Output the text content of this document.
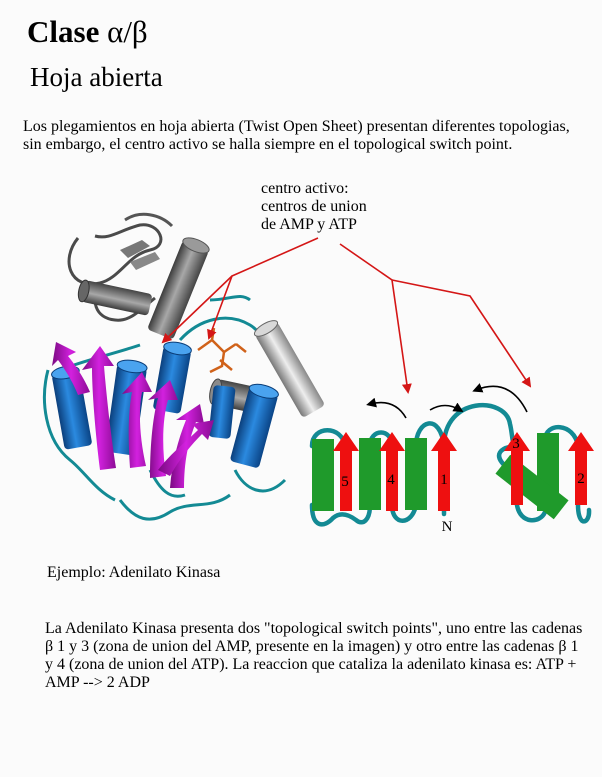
Clase α/β
Hoja abierta
Los plegamientos en hoja abierta (Twist Open Sheet) presentan diferentes topologias, sin embargo, el centro activo se halla siempre en el topological switch point.
centro activo:
centros de union
de AMP y ATP
5	4	1
3
2
N
Ejemplo: Adenilato Kinasa
La Adenilato Kinasa presenta dos "topological switch points", uno entre las cadenas β 1 y 3 (zona de union del AMP, presente en la imagen) y otro entre las cadenas β 1 y 4 (zona de union del ATP). La reaccion que cataliza la adenilato kinasa es: ATP + AMP --> 2 ADP
